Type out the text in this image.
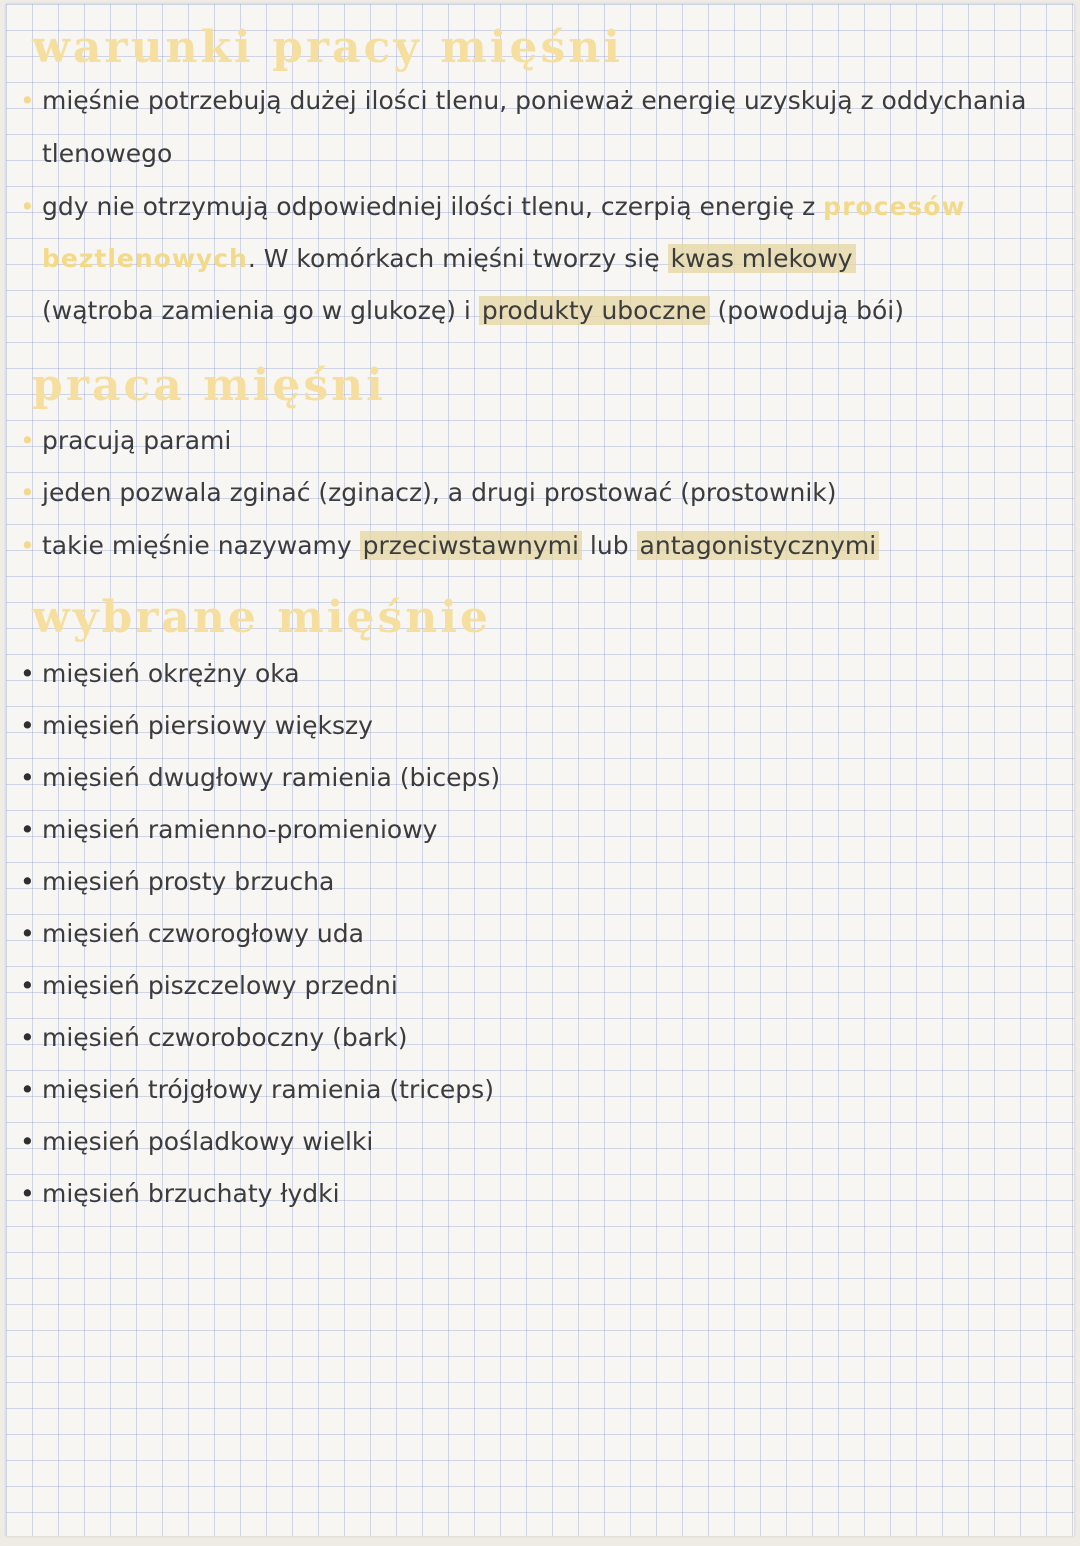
warunki pracy mięśni

• mięśnie potrzebują dużej ilości tlenu, ponieważ energię uzyskują z oddychania

tlenowego

• gdy nie otrzymują odpowiedniej ilości tlenu, czerpią energię z procesów

beztlenowych. W komórkach mięśni tworzy się kwas mlekowy

(wątroba zamienia go w glukozę) i produkty uboczne (powodują bói)

praca mięśni

• pracują parami

• jeden pozwala zginać (zginacz), a drugi prostować (prostownik)

• takie mięśnie nazywamy przeciwstawnymi lub antagonistycznymi

wybrane mięśnie

• mięsień okrężny oka

• mięsień piersiowy większy

• mięsień dwugłowy ramienia (biceps)

• mięsień ramienno-promieniowy

• mięsień prosty brzucha

• mięsień czworogłowy uda

• mięsień piszczelowy przedni

• mięsień czworoboczny (bark)

• mięsień trójgłowy ramienia (triceps)

• mięsień pośladkowy wielki

• mięsień brzuchaty łydki
